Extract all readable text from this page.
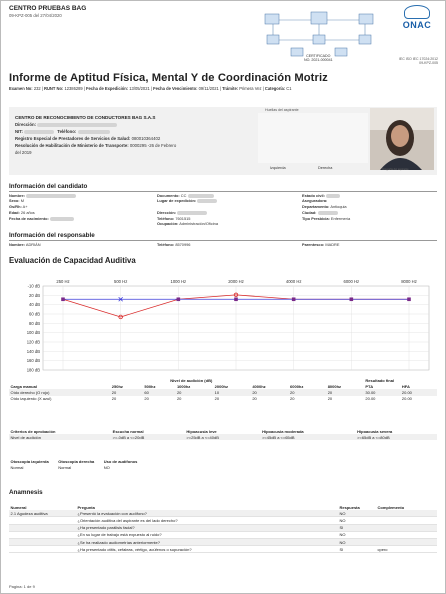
CENTRO PRUEBAS BAG
09-KPZ-005 del 27/04/2020
CERTIFICADO
NO. 2021-000041
ONAC
IEC ISO IEC 17024:2012
09-KPZ-005
Informe de Aptitud Física, Mental Y de Coordinación Motriz
Examen No: 232 | RUNT No: 12386289 | Fecha de Expedición: 13/05/2021 | Fecha de Vencimiento: 09/11/2021 | Trámite: Primera Vez | Categoría: C1
CENTRO DE RECONOCIMIENTO DE CONDUCTORES BAG S.A.S
Dirección:
NIT:	Teléfono:
Registro Especial de Prestadores de Servicios de Salud: 080010364402
Resolución de Habilitación de Ministerio de Transporte: 0000295 -26 de Febrero
del 2019
Huellas del aspirante
Izquierda	Derecha	fotografía del aspirante
Información del candidato
Nombre:
Sexo: M
Gs/Rh: A+
Edad: 26 años
Fecha de nacimiento:
Documento: CC
Lugar de expedición:
Dirección:
Teléfono: 7601515
Ocupación: Administración/Oficina
Estado civil:
Aseguradora:
Departamento: Antioquia
Ciudad:
Tipo Presbicia: Enfermería
Información del responsable
Nombre: ADRIÁN	Teléfono: 8570996	Parentesco: MADRE
Evaluación de Capacidad Auditiva
-10 dB
20 dB
40 dB
60 dB
80 dB
100 dB
120 dB
140 dB
160 dB
180 dB
250 Hz	500 Hz	1000 Hz	2000 Hz	4000 Hz	6000 Hz	8000 Hz
	Nivel de audición (dB)							Resultado final	
Carga manual	250hz	500hz	1000hz	2000hz	4000hz	6000hz	8000hz	PTA	HFA
Oído derecho (O rojo)	20	60	20	10	20	20	20	30.00	20.00
Oído izquierdo (X azul)	20	20	20	20	20	20	20	20.00	20.00
Criterios de aprobación	Escucha normal	Hipoacusia leve	Hipoacusia moderada	Hipoacusia severa
Nivel de audición	>=-0dB a <=20dB	>=25dB a <=40dB	>=45dB a <=65dB	>=65dB a <=80dB
Otoscopia izquierda	Otoscopia derecha	Uso de audífonos
Normal	Normal	NO
Anamnesis
Numeral	Pregunta	Respuesta	Complemento
2.1 Agudeza auditiva	¿Presentó la evaluación con audífono?	NO	
	¿Orientación auditiva del aspirante es del lado derecho?	NO	
	¿Ha presentado parálisis facial?	SI	
	¿En su lugar de trabajo está expuesto al ruido?	NO	
	¿Se ha realizado audiometrías anteriormente?	NO	
	¿Ha presentado otitis, cefaleas, vértigo, acúfenos o supuración?	SI	cpero
Pagina: 1 de 9
